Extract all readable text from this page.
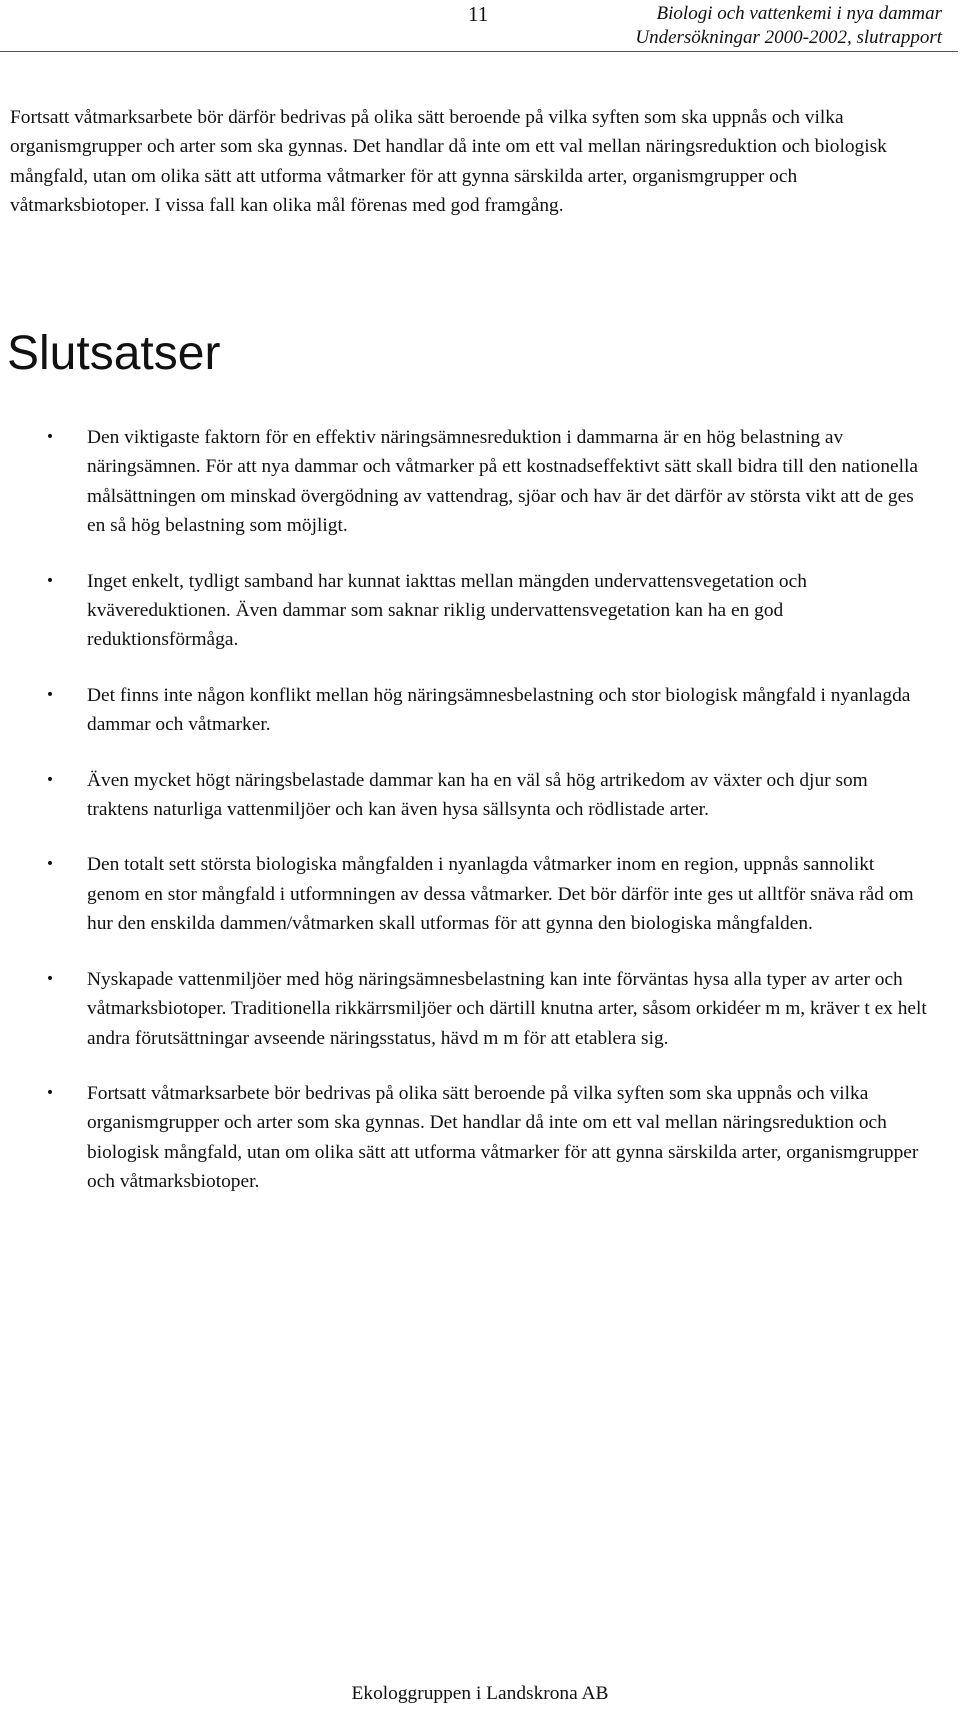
11	Biologi och vattenkemi i nya dammar
Undersökningar 2000-2002, slutrapport

Fortsatt våtmarksarbete bör därför bedrivas på olika sätt beroende på vilka syften som ska uppnås och vilka organismgrupper och arter som ska gynnas. Det handlar då inte om ett val mellan näringsreduktion och biologisk mångfald, utan om olika sätt att utforma våtmarker för att gynna särskilda arter, organismgrupper och våtmarksbiotoper. I vissa fall kan olika mål förenas med god framgång.

Slutsatser
• Den viktigaste faktorn för en effektiv näringsämnesreduktion i dammarna är en hög belastning av näringsämnen. För att nya dammar och våtmarker på ett kostnadseffektivt sätt skall bidra till den nationella målsättningen om minskad övergödning av vattendrag, sjöar och hav är det därför av största vikt att de ges en så hög belastning som möjligt.
• Inget enkelt, tydligt samband har kunnat iakttas mellan mängden undervattensvegetation och kvävereduktionen. Även dammar som saknar riklig undervattensvegetation kan ha en god reduktionsförmåga.
• Det finns inte någon konflikt mellan hög näringsämnesbelastning och stor biologisk mångfald i nyanlagda dammar och våtmarker.
• Även mycket högt näringsbelastade dammar kan ha en väl så hög artrikedom av växter och djur som traktens naturliga vattenmiljöer och kan även hysa sällsynta och rödlistade arter.
• Den totalt sett största biologiska mångfalden i nyanlagda våtmarker inom en region, uppnås sannolikt genom en stor mångfald i utformningen av dessa våtmarker. Det bör därför inte ges ut alltför snäva råd om hur den enskilda dammen/våtmarken skall utformas för att gynna den biologiska mångfalden.
• Nyskapade vattenmiljöer med hög näringsämnesbelastning kan inte förväntas hysa alla typer av arter och våtmarksbiotoper. Traditionella rikkärrsmiljöer och därtill knutna arter, såsom orkidéer m m, kräver t ex helt andra förutsättningar avseende näringsstatus, hävd m m för att etablera sig.
• Fortsatt våtmarksarbete bör bedrivas på olika sätt beroende på vilka syften som ska uppnås och vilka organismgrupper och arter som ska gynnas. Det handlar då inte om ett val mellan näringsreduktion och biologisk mångfald, utan om olika sätt att utforma våtmarker för att gynna särskilda arter, organismgrupper och våtmarksbiotoper.
Ekologgruppen i Landskrona AB
